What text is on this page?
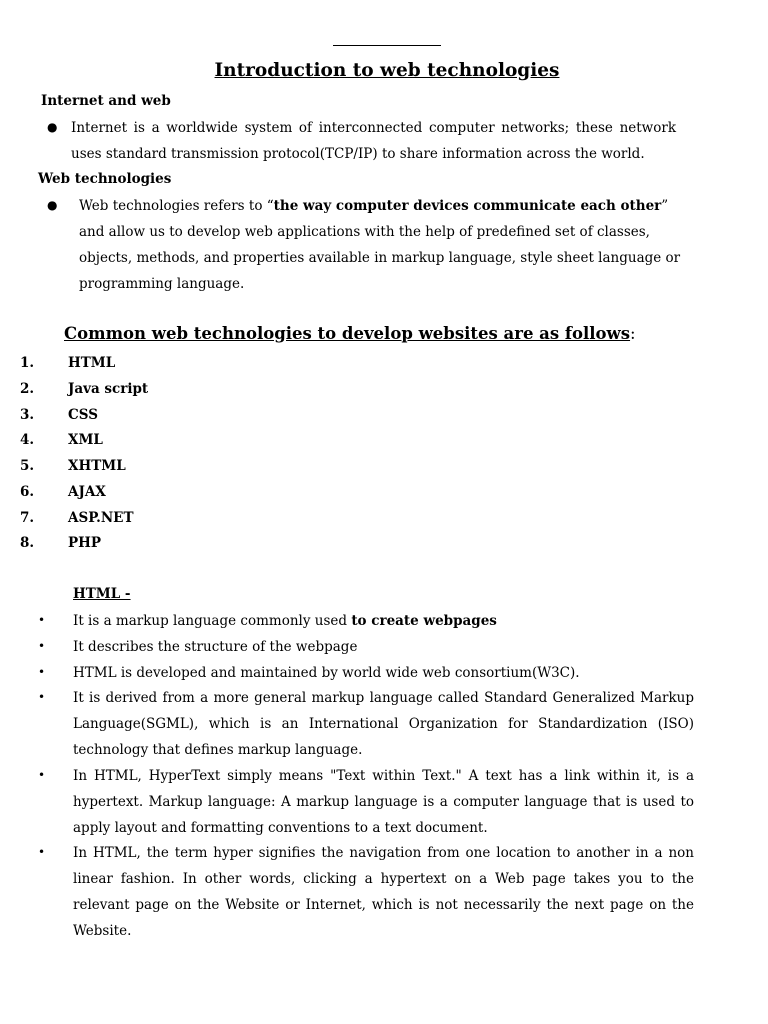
Introduction to web technologies
Internet and web
● Internet is a worldwide system of interconnected computer networks; these network uses standard transmission protocol(TCP/IP) to share information across the world.
Web technologies
● Web technologies refers to “the way computer devices communicate each other” and allow us to develop web applications with the help of predefined set of classes, objects, methods, and properties available in markup language, style sheet language or programming language.
Common web technologies to develop websites are as follows:
1.	HTML
2.	Java script
3.	CSS
4.	XML
5.	XHTML
6.	AJAX
7.	ASP.NET
8.	PHP
HTML -
• It is a markup language commonly used to create webpages
• It describes the structure of the webpage
• HTML is developed and maintained by world wide web consortium(W3C).
• It is derived from a more general markup language called Standard Generalized Markup Language(SGML), which is an International Organization for Standardization (ISO) technology that defines markup language.
• In HTML, HyperText simply means "Text within Text." A text has a link within it, is a hypertext. Markup language: A markup language is a computer language that is used to apply layout and formatting conventions to a text document.
• In HTML, the term hyper signifies the navigation from one location to another in a non linear fashion. In other words, clicking a hypertext on a Web page takes you to the relevant page on the Website or Internet, which is not necessarily the next page on the Website.
